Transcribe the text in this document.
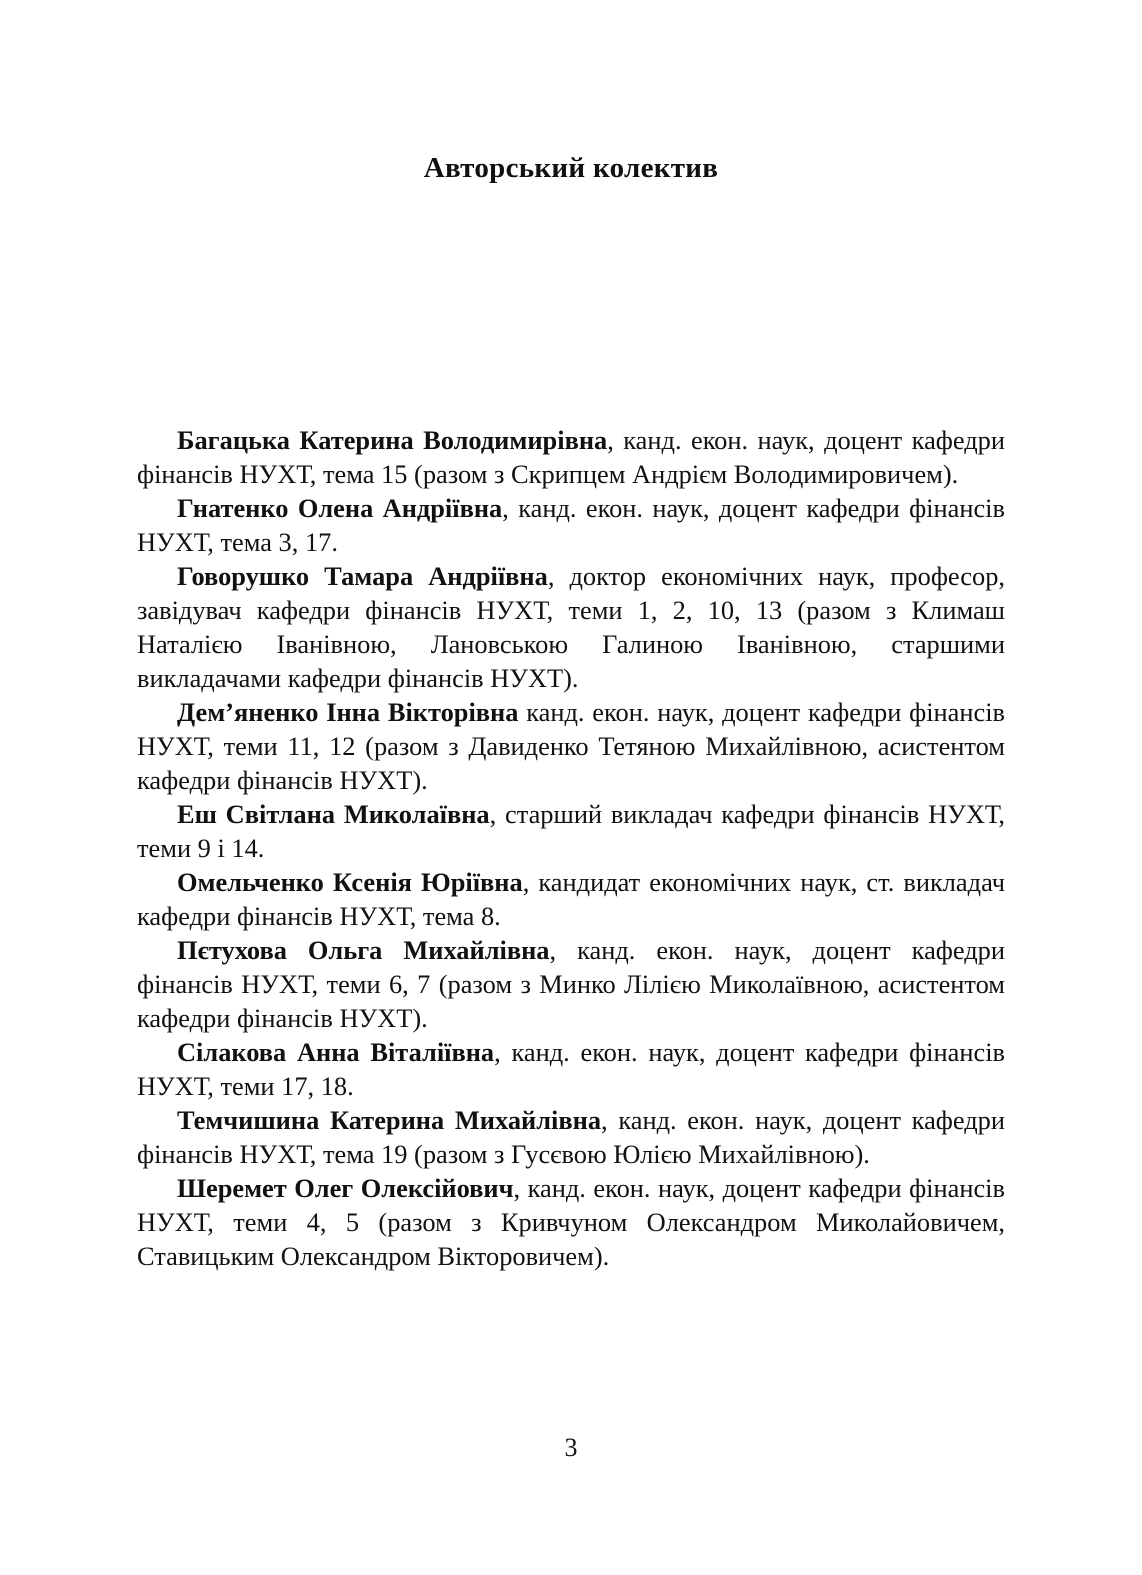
Авторський колектив

Багацька Катерина Володимирівна, канд. екон. наук, доцент кафедри фінансів НУХТ, тема 15 (разом з Скрипцем Андрієм Володимировичем).

Гнатенко Олена Андріївна, канд. екон. наук, доцент кафедри фінансів НУХТ, тема 3, 17.

Говорушко Тамара Андріївна, доктор економічних наук, професор, завідувач кафедри фінансів НУХТ, теми 1, 2, 10, 13 (разом з Климаш Наталією Іванівною, Лановською Галиною Іванівною, старшими викладачами кафедри фінансів НУХТ).

Дем’яненко Інна Вікторівна канд. екон. наук, доцент кафедри фінансів НУХТ, теми 11, 12 (разом з Давиденко Тетяною Михайлівною, асистентом кафедри фінансів НУХТ).

Еш Світлана Миколаївна, старший викладач кафедри фінансів НУХТ, теми 9 і 14.

Омельченко Ксенія Юріївна, кандидат економічних наук, ст. викладач кафедри фінансів НУХТ, тема 8.

Пєтухова Ольга Михайлівна, канд. екон. наук, доцент кафедри фінансів НУХТ, теми 6, 7 (разом з Минко Лілією Миколаївною, асистентом кафедри фінансів НУХТ).

Сілакова Анна Віталіївна, канд. екон. наук, доцент кафедри фінансів НУХТ, теми 17, 18.

Темчишина Катерина Михайлівна, канд. екон. наук, доцент кафедри фінансів НУХТ, тема 19 (разом з Гусєвою Юлією Михайлівною).

Шеремет Олег Олексійович, канд. екон. наук, доцент кафедри фінансів НУХТ, теми 4, 5 (разом з Кривчуном Олександром Миколайовичем, Ставицьким Олександром Вікторовичем).

3
